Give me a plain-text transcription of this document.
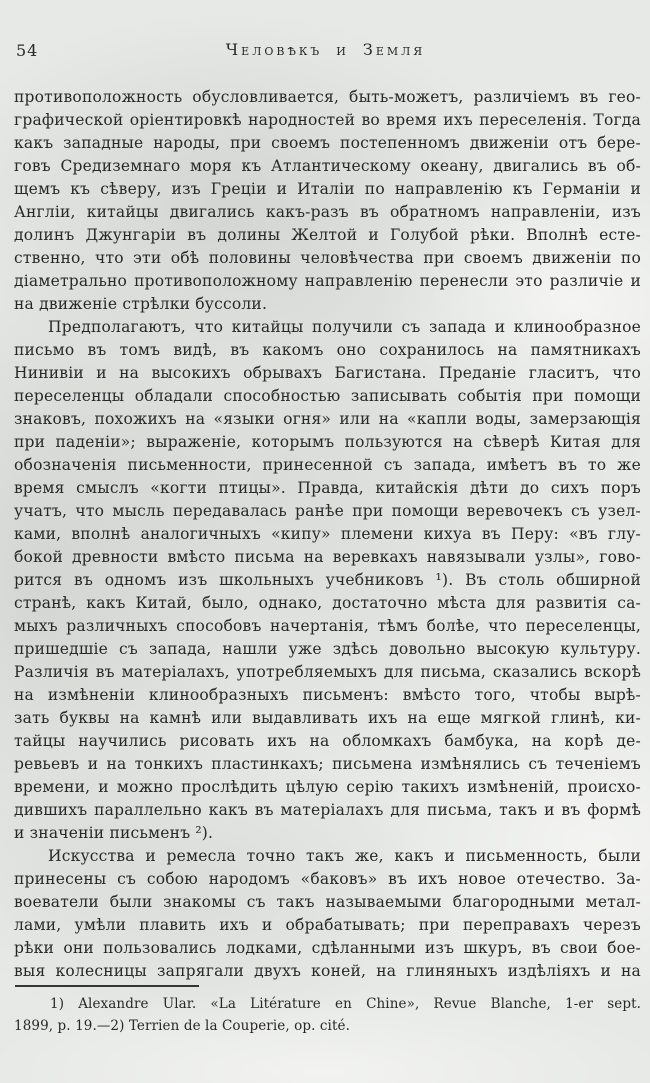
54	Человѣкъ и Земля
противоположность обусловливается, быть-можетъ, различіемъ въ гео-
графической оріентировкѣ народностей во время ихъ переселенія. Тогда
какъ западные народы, при своемъ постепенномъ движеніи отъ бере-
говъ Средиземнаго моря къ Атлантическому океану, двигались въ об-
щемъ къ сѣверу, изъ Греціи и Италіи по направленію къ Германіи и
Англіи, китайцы двигались какъ-разъ въ обратномъ направленіи, изъ
долинъ Джунгаріи въ долины Желтой и Голубой рѣки. Вполнѣ есте-
ственно, что эти обѣ половины человѣчества при своемъ движеніи по
діаметрально противоположному направленію перенесли это различіе и
на движеніе стрѣлки буссоли.
Предполагаютъ, что китайцы получили съ запада и клинообразное
письмо въ томъ видѣ, въ какомъ оно сохранилось на памятникахъ
Нинивіи и на высокихъ обрывахъ Багистана. Преданіе гласитъ, что
переселенцы обладали способностью записывать событія при помощи
знаковъ, похожихъ на «языки огня» или на «капли воды, замерзающія
при паденіи»; выраженіе, которымъ пользуются на сѣверѣ Китая для
обозначенія письменности, принесенной съ запада, имѣетъ въ то же
время смыслъ «когти птицы». Правда, китайскія дѣти до сихъ поръ
учатъ, что мысль передавалась ранѣе при помощи веревочекъ съ узел-
ками, вполнѣ аналогичныхъ «кипу» племени кихуа въ Перу: «въ глу-
бокой древности вмѣсто письма на веревкахъ навязывали узлы», гово-
рится въ одномъ изъ школьныхъ учебниковъ ¹). Въ столь обширной
странѣ, какъ Китай, было, однако, достаточно мѣста для развитія са-
мыхъ различныхъ способовъ начертанія, тѣмъ болѣе, что переселенцы,
пришедшіе съ запада, нашли уже здѣсь довольно высокую культуру.
Различія въ матеріалахъ, употребляемыхъ для письма, сказались вскорѣ
на измѣненіи клинообразныхъ письменъ: вмѣсто того, чтобы вырѣ-
зать буквы на камнѣ или выдавливать ихъ на еще мягкой глинѣ, ки-
тайцы научились рисовать ихъ на обломкахъ бамбука, на корѣ де-
ревьевъ и на тонкихъ пластинкахъ; письмена измѣнялись съ теченіемъ
времени, и можно прослѣдить цѣлую серію такихъ измѣненій, происхо-
дившихъ параллельно какъ въ матеріалахъ для письма, такъ и въ формѣ
и значеніи письменъ ²).
Искусства и ремесла точно такъ же, какъ и письменность, были
принесены съ собою народомъ «баковъ» въ ихъ новое отечество. За-
воеватели были знакомы съ такъ называемыми благородными метал-
лами, умѣли плавить ихъ и обрабатывать; при переправахъ черезъ
рѣки они пользовались лодками, сдѣланными изъ шкуръ, въ свои бое-
выя колесницы запрягали двухъ коней, на глиняныхъ издѣліяхъ и на
1) Alexandre Ular. «La Litérature en Chine», Revue Blanche, 1-er sept.
1899, p. 19.—2) Terrien de la Couperie, op. cité.
